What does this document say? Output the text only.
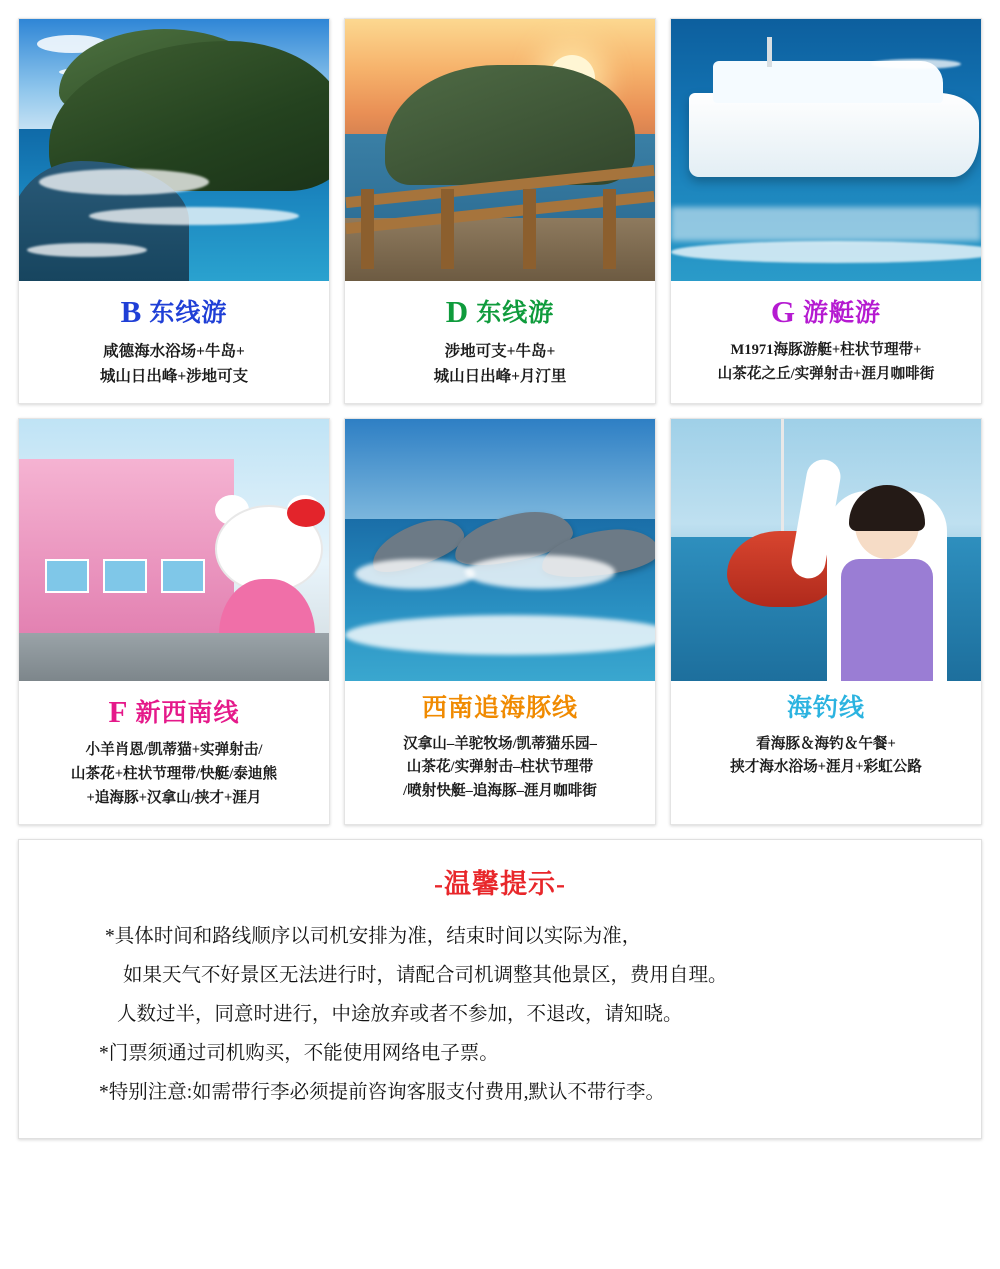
B 东线游
咸德海水浴场+牛岛+
城山日出峰+涉地可支
D 东线游
涉地可支+牛岛+
城山日出峰+月汀里
G 游艇游
M1971海豚游艇+柱状节理带+
山茶花之丘/实弹射击+涯月咖啡街
F 新西南线
小羊肖恩/凯蒂猫+实弹射击/
山茶花+柱状节理带/快艇/泰迪熊
+追海豚+汉拿山/挟才+涯月
西南追海豚线
汉拿山–羊驼牧场/凯蒂猫乐园–
山茶花/实弹射击–柱状节理带
/喷射快艇–追海豚–涯月咖啡街
海钓线
看海豚＆海钓＆午餐+
挟才海水浴场+涯月+彩虹公路
-温馨提示-
*具体时间和路线顺序以司机安排为准，结束时间以实际为准，
如果天气不好景区无法进行时，请配合司机调整其他景区，费用自理。
人数过半，同意时进行，中途放弃或者不参加，不退改，请知晓。
*门票须通过司机购买，不能使用网络电子票。
*特别注意:如需带行李必须提前咨询客服支付费用,默认不带行李。
